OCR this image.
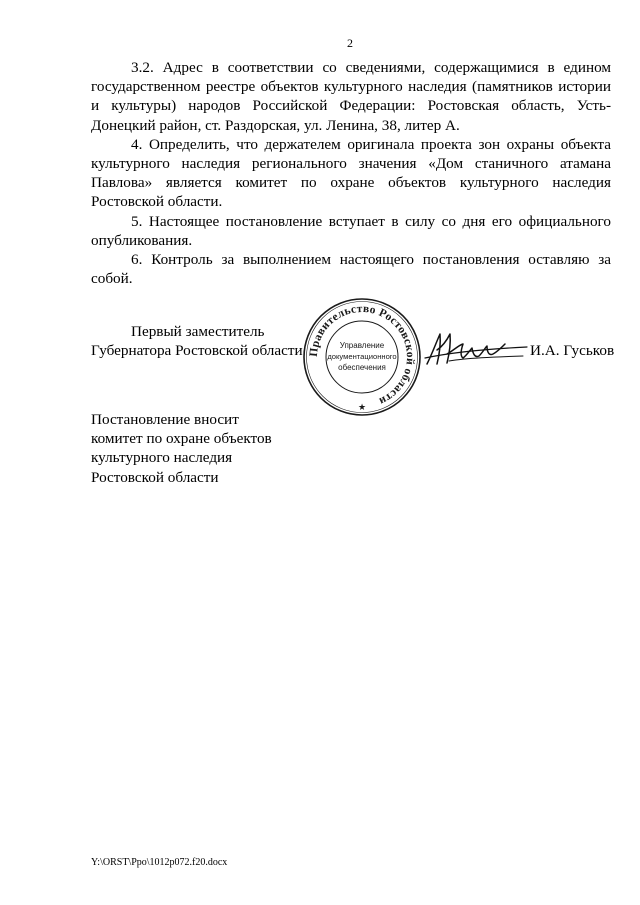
2

3.2. Адрес в соответствии со сведениями, содержащимися в едином государственном реестре объектов культурного наследия (памятников истории и культуры) народов Российской Федерации: Ростовская область, Усть-Донецкий район, ст. Раздорская, ул. Ленина, 38, литер А.

4. Определить, что держателем оригинала проекта зон охраны объекта культурного наследия регионального значения «Дом станичного атамана Павлова» является комитет по охране объектов культурного наследия Ростовской области.

5. Настоящее постановление вступает в силу со дня его официального опубликования.

6. Контроль за выполнением настоящего постановления оставляю за собой.

Первый заместитель
Губернатора Ростовской области Правительство Ростовской области
Управление
документационного
обеспечения
★
И.А. Гуськов
Постановление вносит
комитет по охране объектов
культурного наследия
Ростовской области
Y:\ORST\Ppo\1012p072.f20.docx
